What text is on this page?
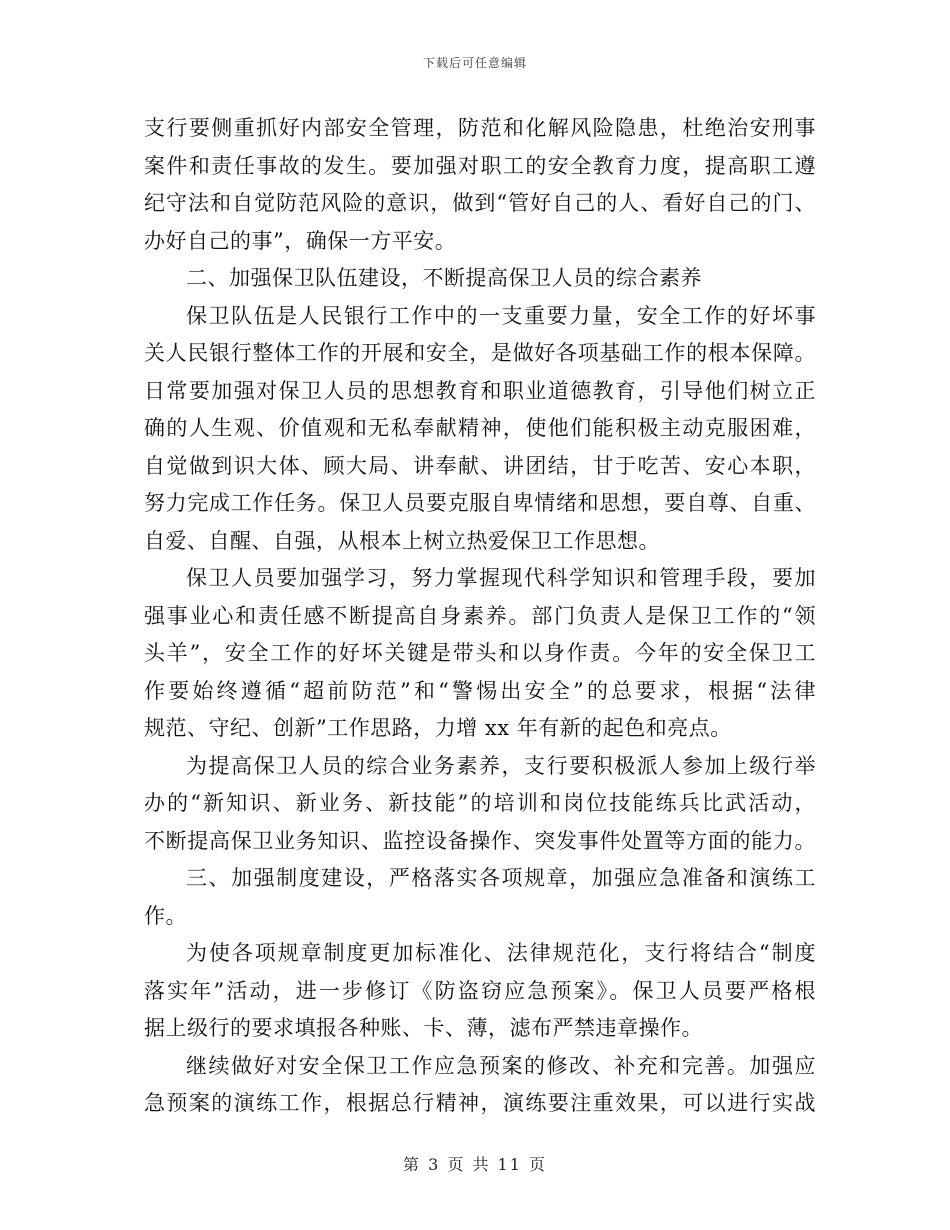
下载后可任意编辑
支行要侧重抓好内部安全管理，防范和化解风险隐患，杜绝治安刑事
案件和责任事故的发生。要加强对职工的安全教育力度，提高职工遵
纪守法和自觉防范风险的意识，做到“管好自己的人、看好自己的门、
办好自己的事”，确保一方平安。
二、加强保卫队伍建设，不断提高保卫人员的综合素养
保卫队伍是人民银行工作中的一支重要力量，安全工作的好坏事
关人民银行整体工作的开展和安全，是做好各项基础工作的根本保障。
日常要加强对保卫人员的思想教育和职业道德教育，引导他们树立正
确的人生观、价值观和无私奉献精神，使他们能积极主动克服困难，
自觉做到识大体、顾大局、讲奉献、讲团结，甘于吃苦、安心本职，
努力完成工作任务。保卫人员要克服自卑情绪和思想，要自尊、自重、
自爱、自醒、自强，从根本上树立热爱保卫工作思想。
保卫人员要加强学习，努力掌握现代科学知识和管理手段，要加
强事业心和责任感不断提高自身素养。部门负责人是保卫工作的“领
头羊”，安全工作的好坏关键是带头和以身作责。今年的安全保卫工
作要始终遵循“超前防范”和“警惕出安全”的总要求，根据“法律
规范、守纪、创新”工作思路，力增 xx 年有新的起色和亮点。
为提高保卫人员的综合业务素养，支行要积极派人参加上级行举
办的“新知识、新业务、新技能”的培训和岗位技能练兵比武活动，
不断提高保卫业务知识、监控设备操作、突发事件处置等方面的能力。
三、加强制度建设，严格落实各项规章，加强应急准备和演练工
作。
为使各项规章制度更加标准化、法律规范化，支行将结合“制度
落实年”活动，进一步修订《防盗窃应急预案》。保卫人员要严格根
据上级行的要求填报各种账、卡、薄，滤布严禁违章操作。
继续做好对安全保卫工作应急预案的修改、补充和完善。加强应
急预案的演练工作，根据总行精神，演练要注重效果，可以进行实战
第 3 页 共 11 页
